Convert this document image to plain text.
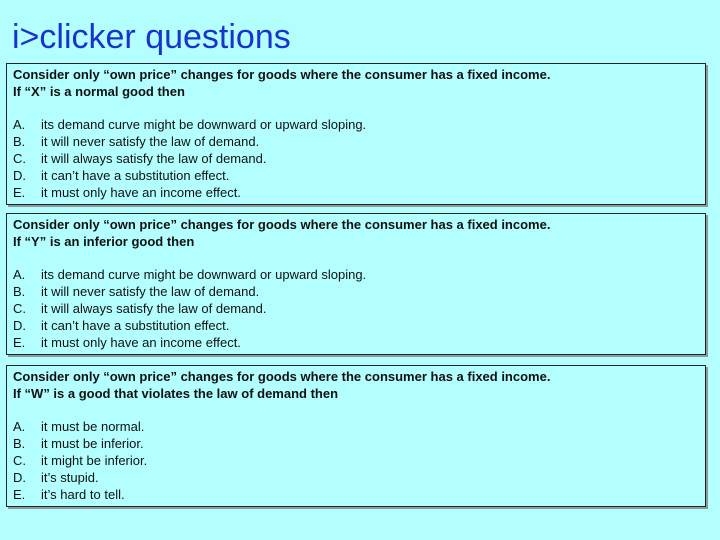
i>clicker questions
Consider only “own price” changes for goods where the consumer has a fixed income.
If “X” is a normal good then
A.	its demand curve might be downward or upward sloping.
B.	it will never satisfy the law of demand.
C.	it will always satisfy the law of demand.
D.	it can’t have a substitution effect.
E.	it must only have an income effect.
Consider only “own price” changes for goods where the consumer has a fixed income.
If “Y” is an inferior good then
A.	its demand curve might be downward or upward sloping.
B.	it will never satisfy the law of demand.
C.	it will always satisfy the law of demand.
D.	it can’t have a substitution effect.
E.	it must only have an income effect.
Consider only “own price” changes for goods where the consumer has a fixed income.
If “W” is a good that violates the law of demand then
A.	it must be normal.
B.	it must be inferior.
C.	it might be inferior.
D.	it’s stupid.
E.	it’s hard to tell.
